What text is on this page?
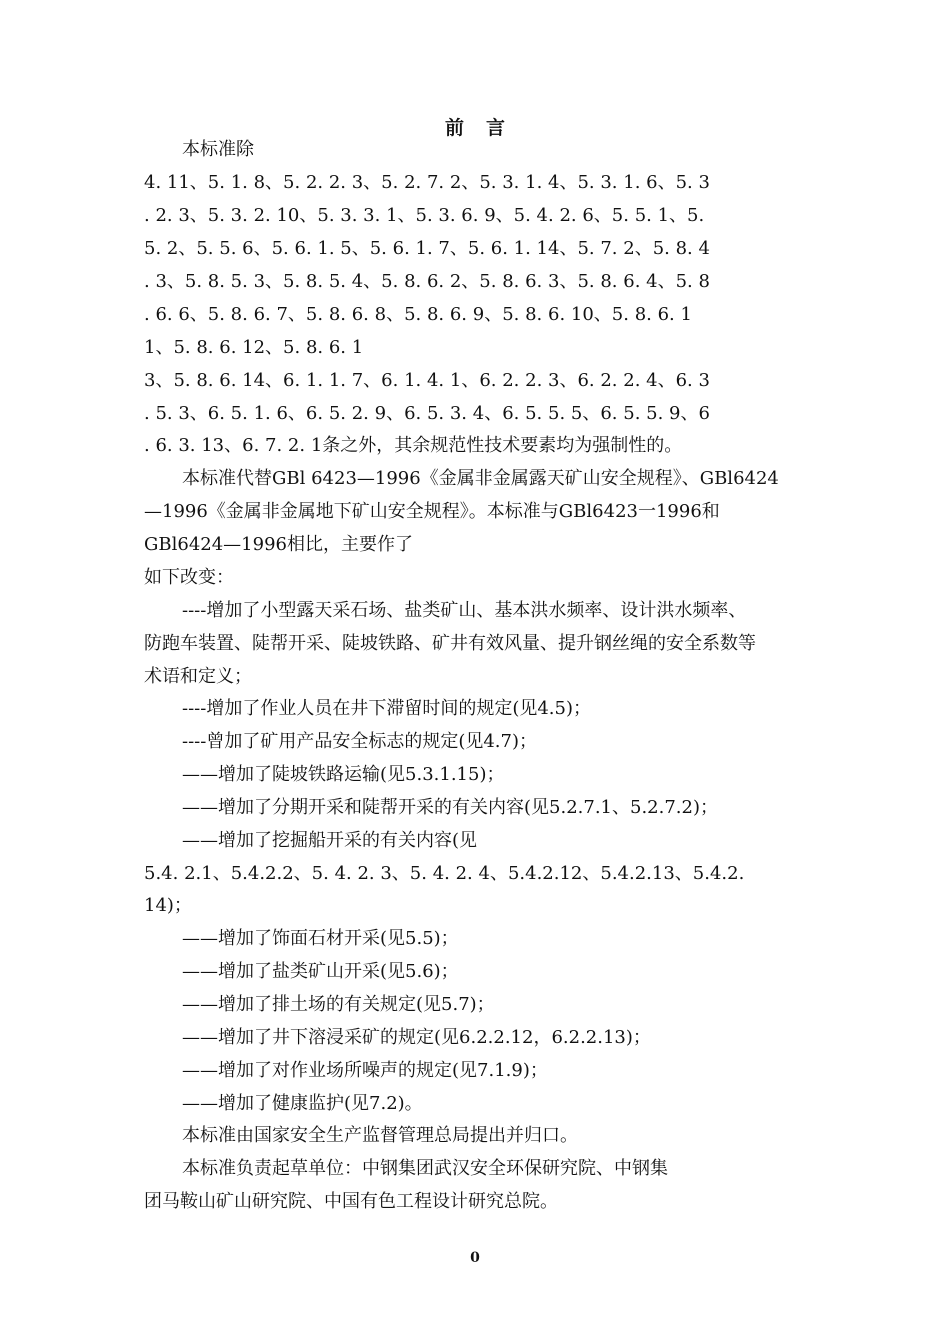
前言
本标准除
4. 11、5. 1. 8、5. 2. 2. 3、5. 2. 7. 2、5. 3. 1. 4、5. 3. 1. 6、5. 3
. 2. 3、5. 3. 2. 10、5. 3. 3. 1、5. 3. 6. 9、5. 4. 2. 6、5. 5. 1、5.
5. 2、5. 5. 6、5. 6. 1. 5、5. 6. 1. 7、5. 6. 1. 14、5. 7. 2、5. 8. 4
. 3、5. 8. 5. 3、5. 8. 5. 4、5. 8. 6. 2、5. 8. 6. 3、5. 8. 6. 4、5. 8
. 6. 6、5. 8. 6. 7、5. 8. 6. 8、5. 8. 6. 9、5. 8. 6. 10、5. 8. 6. 1
1、5. 8. 6. 12、5. 8. 6. 1
3、5. 8. 6. 14、6. 1. 1. 7、6. 1. 4. 1、6. 2. 2. 3、6. 2. 2. 4、6. 3
. 5. 3、6. 5. 1. 6、6. 5. 2. 9、6. 5. 3. 4、6. 5. 5. 5、6. 5. 5. 9、6
. 6. 3. 13、6. 7. 2. 1条之外，其余规范性技术要素均为强制性的。
本标准代替GBl 6423—1996《金属非金属露天矿山安全规程》、GBl6424
—1996《金属非金属地下矿山安全规程》。本标准与GBl6423一1996和
GBl6424—1996相比，主要作了
如下改变：
----增加了小型露天采石场、盐类矿山、基本洪水频率、设计洪水频率、
防跑车装置、陡帮开采、陡坡铁路、矿井有效风量、提升钢丝绳的安全系数等
术语和定义；
----增加了作业人员在井下滞留时间的规定(见4.5)；
----曾加了矿用产品安全标志的规定(见4.7)；
——增加了陡坡铁路运输(见5.3.1.15)；
——增加了分期开采和陡帮开采的有关内容(见5.2.7.1、5.2.7.2)；
——增加了挖掘船开采的有关内容(见
5.4. 2.1、5.4.2.2、5. 4. 2. 3、5. 4. 2. 4、5.4.2.12、5.4.2.13、5.4.2.
14)；
——增加了饰面石材开采(见5.5)；
——增加了盐类矿山开采(见5.6)；
——增加了排土场的有关规定(见5.7)；
——增加了井下溶浸采矿的规定(见6.2.2.12，6.2.2.13)；
——增加了对作业场所噪声的规定(见7.1.9)；
——增加了健康监护(见7.2)。
本标准由国家安全生产监督管理总局提出并归口。
本标准负责起草单位：中钢集团武汉安全环保研究院、中钢集
团马鞍山矿山研究院、中国有色工程设计研究总院。
0
